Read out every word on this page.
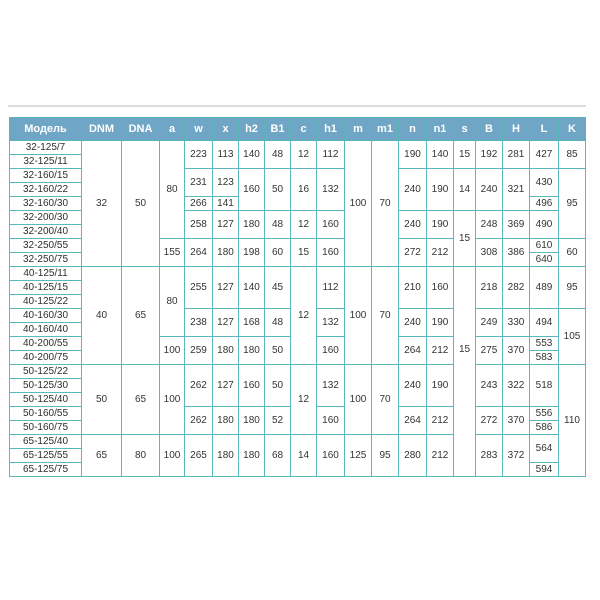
Модель	DNM	DNA	a	w	x	h2	B1	c	h1	m	m1	n	n1	s	B	H	L	K
32-125/7	32	50	80	223	113	140	48	12	112	100	70	190	140	15	192	281	427	85
32-125/11																		
32-160/15				231	123	160	50	16	132			240	190	14	240	321	430	95
32-160/22																		
32-160/30				266	141												496	
32-200/30				258	127	180	48	12	160			240	190	15	248	369	490	
32-200/40																		
32-250/55			155	264	180	198	60	15	160			272	212		308	386	610	60
32-250/75																	640	
40-125/11	40	65	80	255	127	140	45	12	112	100	70	210	160	15	218	282	489	95
40-125/15																		
40-125/22																		
40-160/30				238	127	168	48		132			240	190		249	330	494	105
40-160/40																		
40-200/55			100	259	180	180	50		160			264	212		275	370	553	
40-200/75																	583	
50-125/22	50	65	100	262	127	160	50	12	132	100	70	240	190		243	322	518	110
50-125/30																		
50-125/40																		
50-160/55				262	180	180	52		160			264	212		272	370	556	
50-160/75																	586	
65-125/40	65	80	100	265	180	180	68	14	160	125	95	280	212		283	372	564	
65-125/55																		
65-125/75																	594	
